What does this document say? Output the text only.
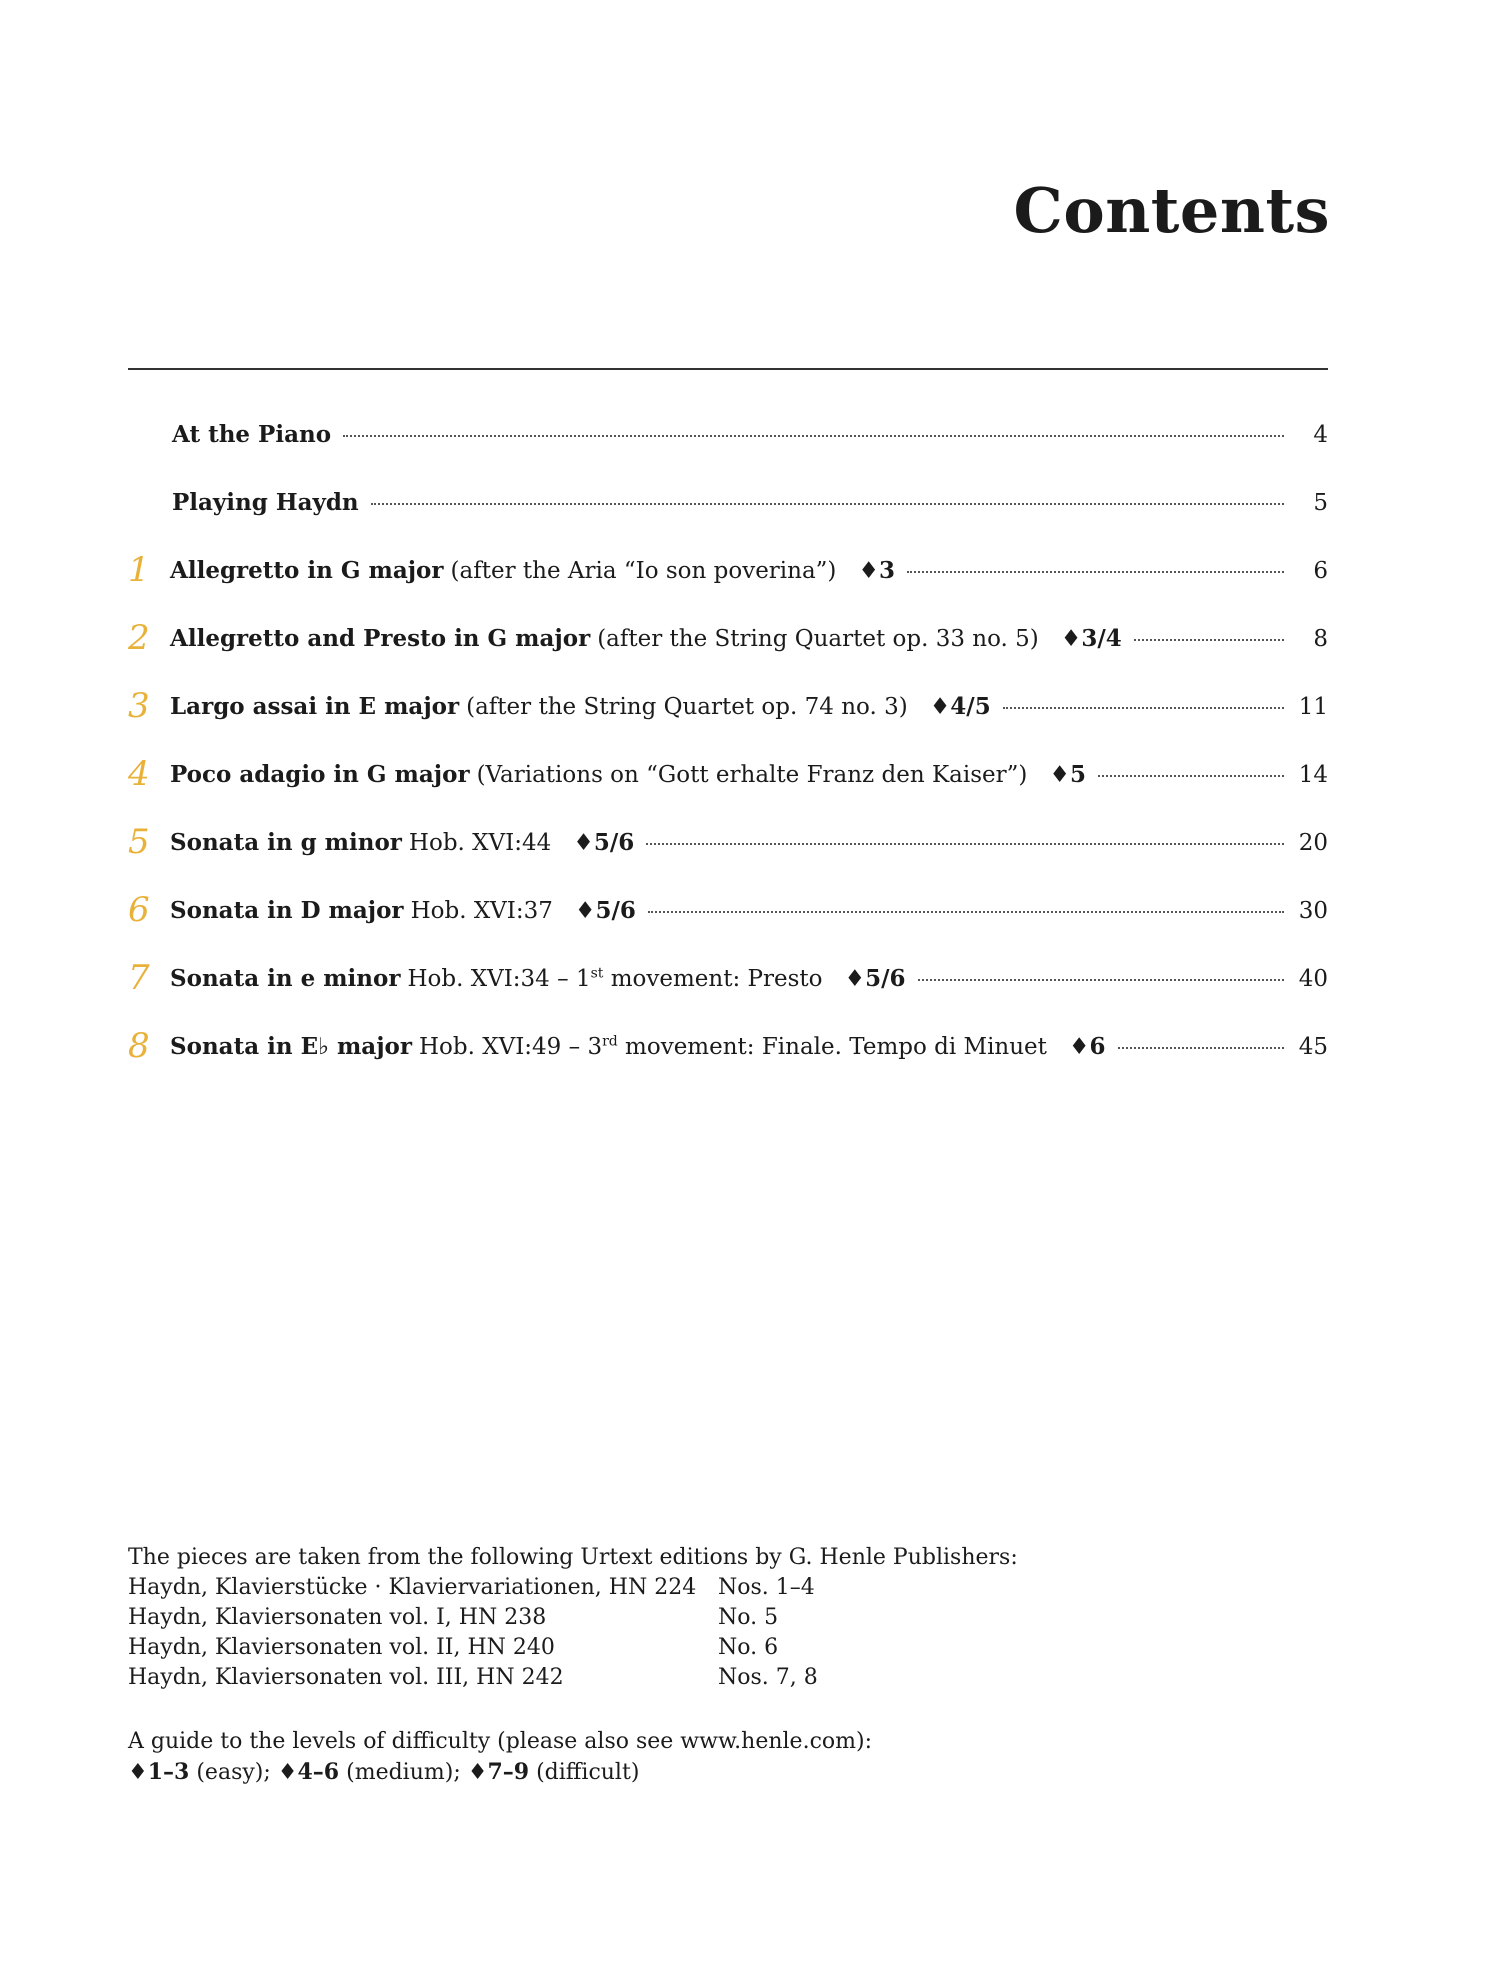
Contents
At the Piano	4
Playing Haydn	5
1 Allegretto in G major (after the Aria “Io son poverina”) ♦3	6
2 Allegretto and Presto in G major (after the String Quartet op. 33 no. 5) ♦3/4	8
3 Largo assai in E major (after the String Quartet op. 74 no. 3) ♦4/5	11
4 Poco adagio in G major (Variations on “Gott erhalte Franz den Kaiser”) ♦5	14
5 Sonata in g minor Hob. XVI:44 ♦5/6	20
6 Sonata in D major Hob. XVI:37 ♦5/6	30
7 Sonata in e minor Hob. XVI:34 – 1st movement: Presto ♦5/6	40
8 Sonata in E♭ major Hob. XVI:49 – 3rd movement: Finale. Tempo di Minuet ♦6	45
The pieces are taken from the following Urtext editions by G. Henle Publishers:
Haydn, Klavierstücke · Klaviervariationen, HN 224 Nos. 1–4
Haydn, Klaviersonaten vol. I, HN 238	No. 5
Haydn, Klaviersonaten vol. II, HN 240	No. 6
Haydn, Klaviersonaten vol. III, HN 242	Nos. 7, 8
A guide to the levels of difficulty (please also see www.henle.com):
♦1–3 (easy); ♦4–6 (medium); ♦7–9 (difficult)
